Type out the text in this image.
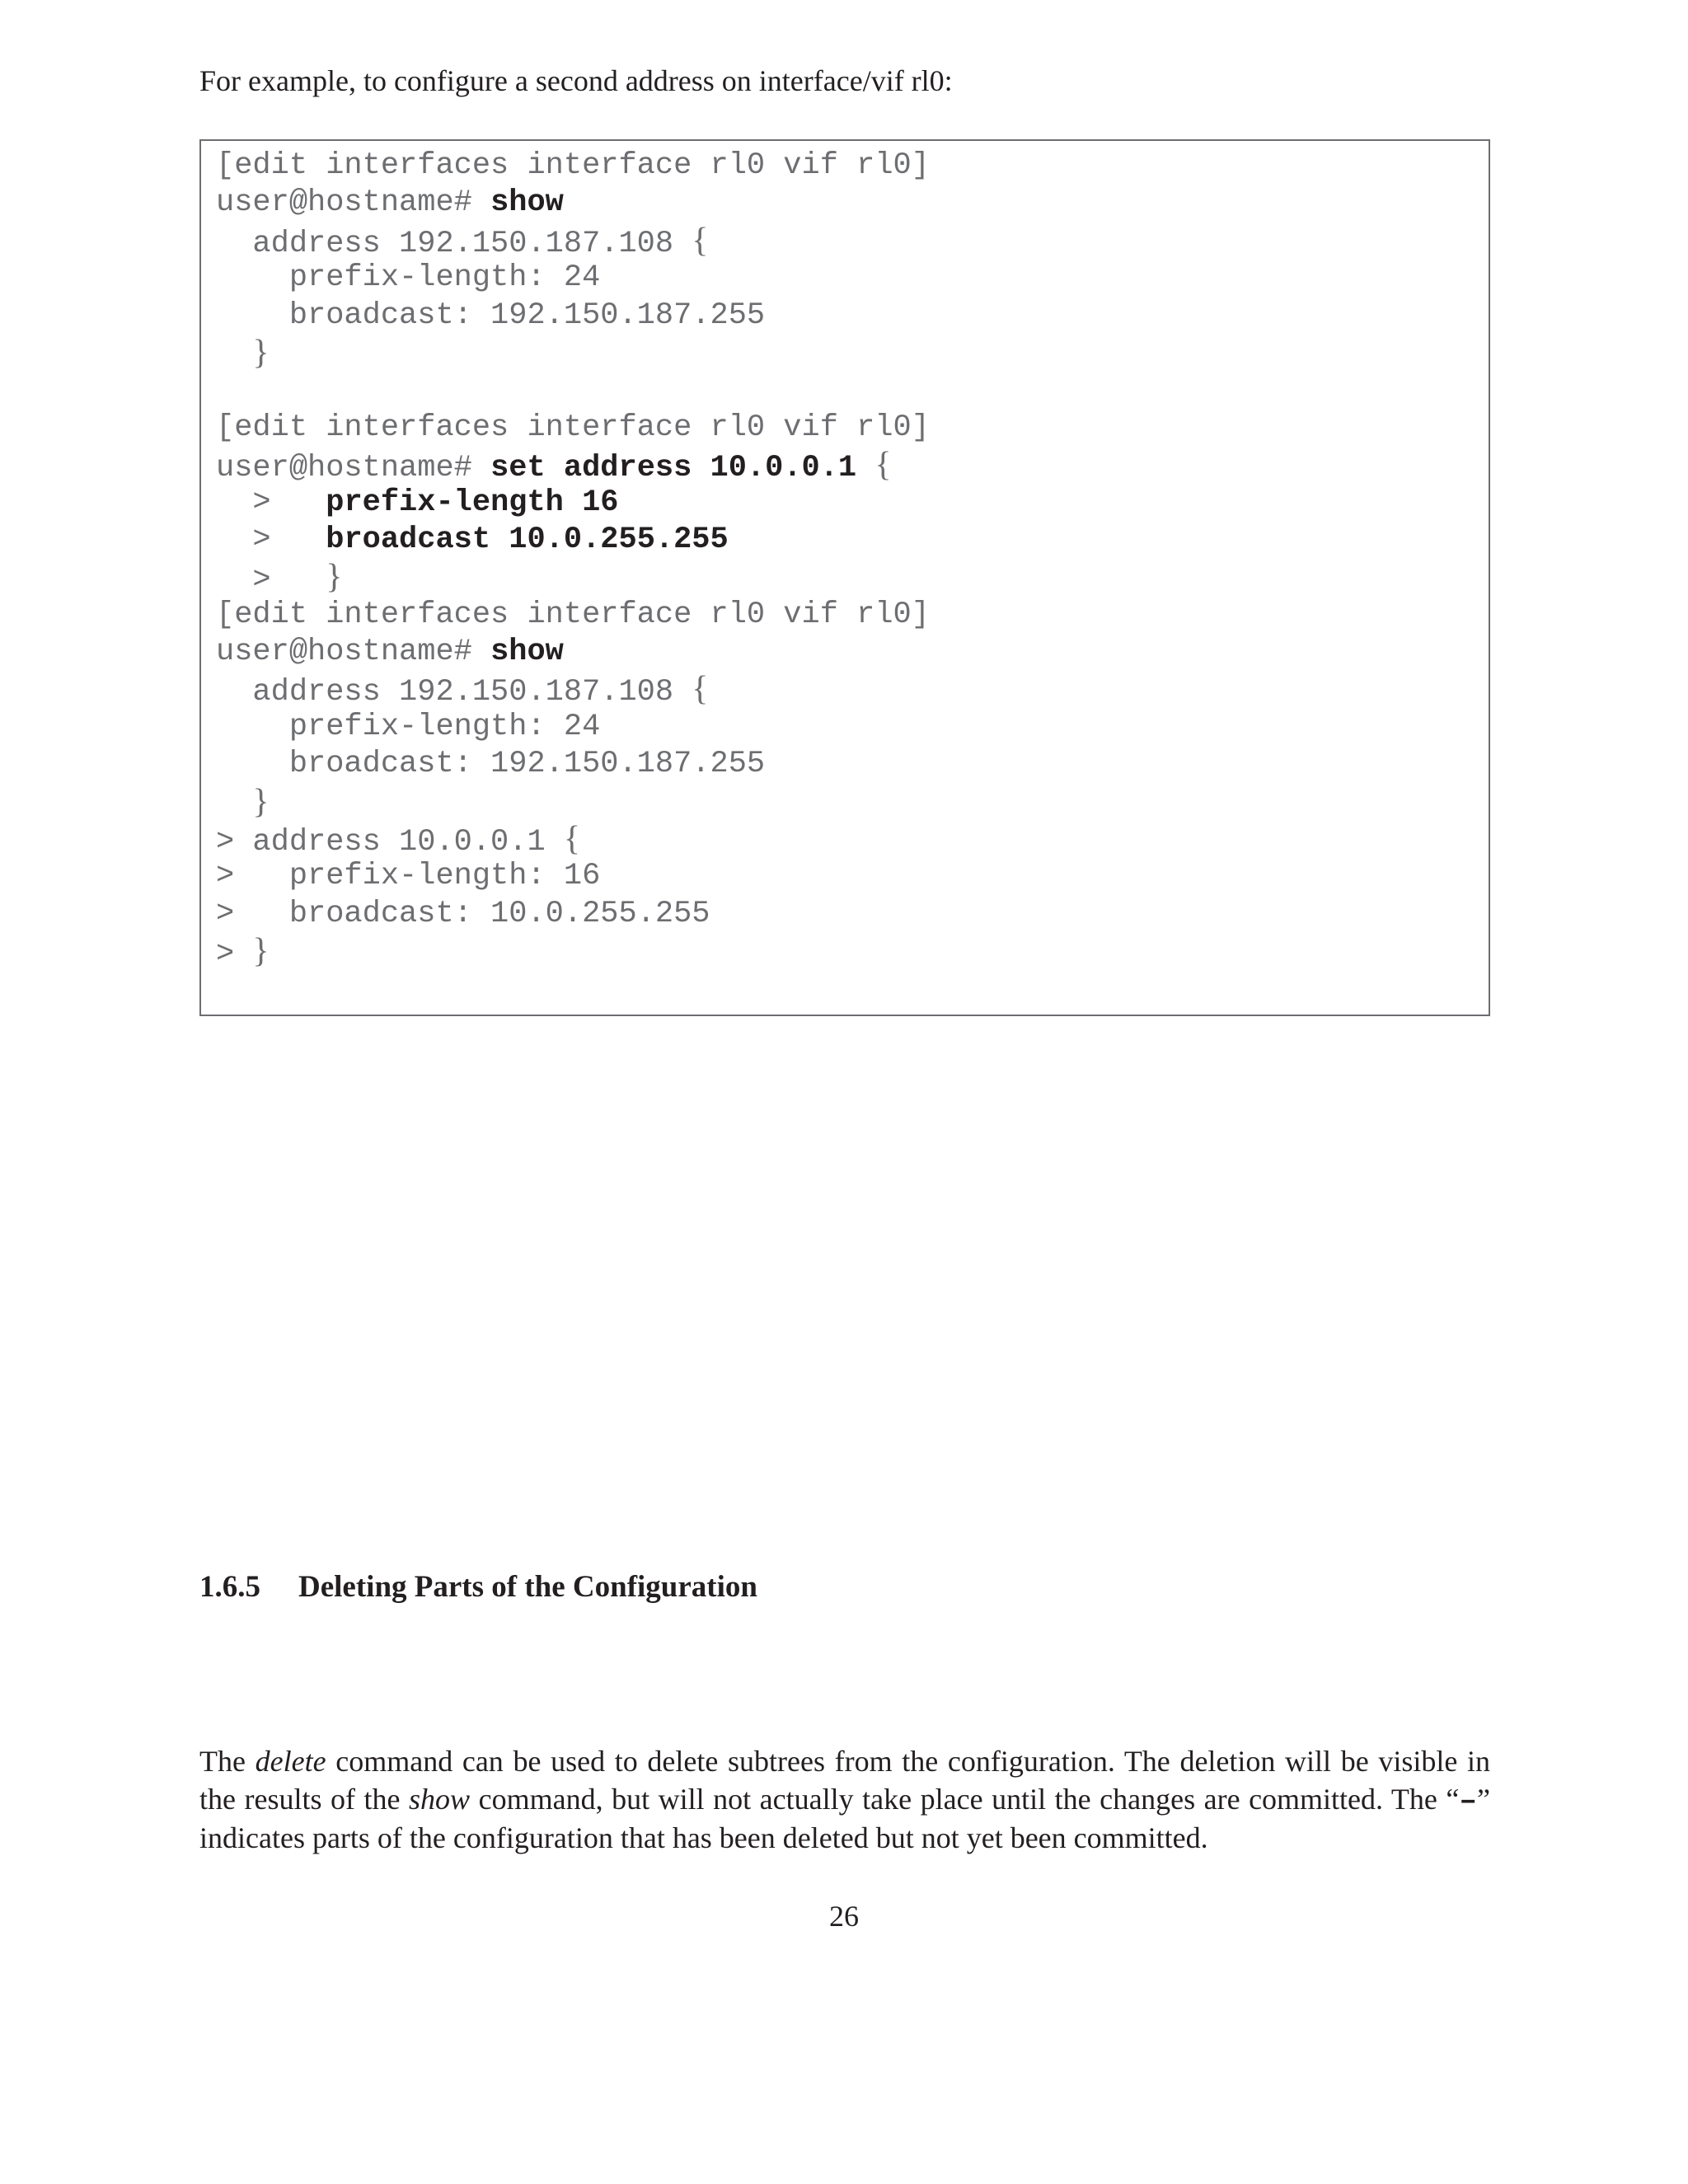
For example, to configure a second address on interface/vif rl0:

[edit interfaces interface rl0 vif rl0]
user@hostname# show
address 192.150.187.108 {
prefix-length: 24
broadcast: 192.150.187.255
}
[edit interfaces interface rl0 vif rl0]
user@hostname# set address 10.0.0.1 {
>   prefix-length 16
>   broadcast 10.0.255.255
>   }
[edit interfaces interface rl0 vif rl0]
user@hostname# show
address 192.150.187.108 {
prefix-length: 24
broadcast: 192.150.187.255
}
> address 10.0.0.1 {
>   prefix-length: 16
>   broadcast: 10.0.255.255
> }
1.6.5 Deleting Parts of the Configuration

The delete command can be used to delete subtrees from the configuration. The deletion will be visible in the results of the show command, but will not actually take place until the changes are committed. The “–” indicates parts of the configuration that has been deleted but not yet been committed.

26
